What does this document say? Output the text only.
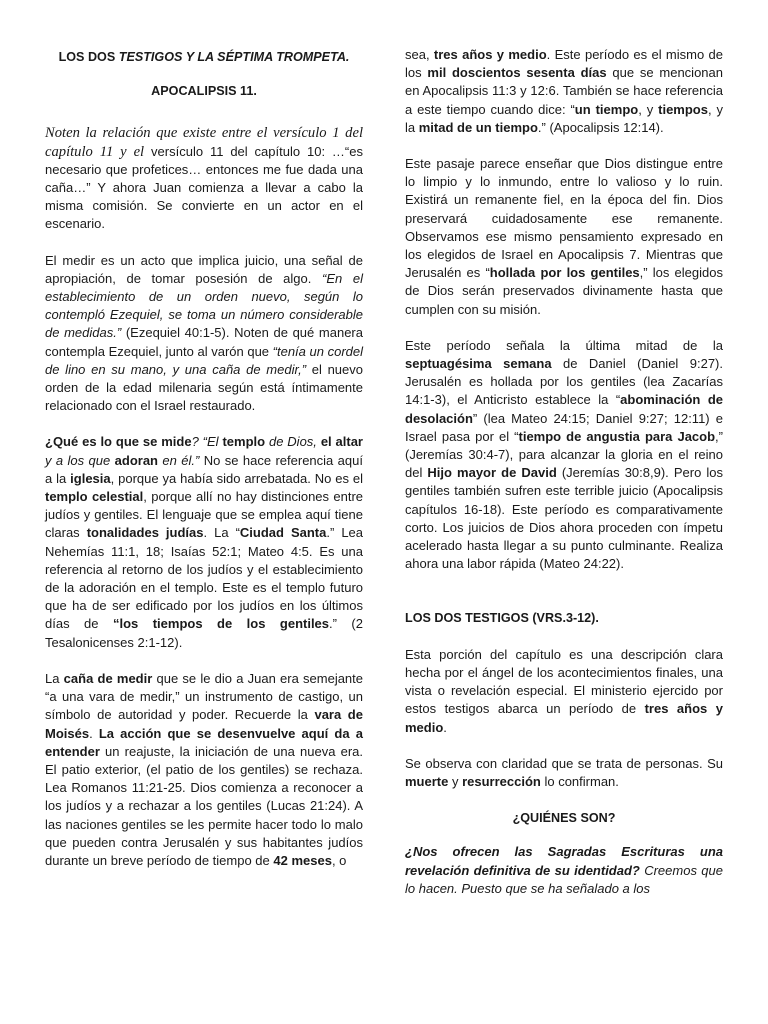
LOS DOS TESTIGOS Y LA SÉPTIMA TROMPETA.

APOCALIPSIS 11.

Noten la relación que existe entre el versículo 1 del capítulo 11 y el versículo 11 del capítulo 10: …“es necesario que profetices… entonces me fue dada una caña…” Y ahora Juan comienza a llevar a cabo la misma comisión. Se convierte en un actor en el escenario.

El medir es un acto que implica juicio, una señal de apropiación, de tomar posesión de algo. “En el establecimiento de un orden nuevo, según lo contempló Ezequiel, se toma un número considerable de medidas.” (Ezequiel 40:1-5). Noten de qué manera contempla Ezequiel, junto al varón que “tenía un cordel de lino en su mano, y una caña de medir,” el nuevo orden de la edad milenaria según está íntimamente relacionado con el Israel restaurado.

¿Qué es lo que se mide? “El templo de Dios, el altar y a los que adoran en él.” No se hace referencia aquí a la iglesia, porque ya había sido arrebatada. No es el templo celestial, porque allí no hay distinciones entre judíos y gentiles. El lenguaje que se emplea aquí tiene claras tonalidades judías. La “Ciudad Santa.” Lea Nehemías 11:1, 18; Isaías 52:1; Mateo 4:5. Es una referencia al retorno de los judíos y el establecimiento de la adoración en el templo. Este es el templo futuro que ha de ser edificado por los judíos en los últimos días de “los tiempos de los gentiles.” (2 Tesalonicenses 2:1-12).

La caña de medir que se le dio a Juan era semejante “a una vara de medir,” un instrumento de castigo, un símbolo de autoridad y poder. Recuerde la vara de Moisés. La acción que se desenvuelve aquí da a entender un reajuste, la iniciación de una nueva era. El patio exterior, (el patio de los gentiles) se rechaza. Lea Romanos 11:21-25. Dios comienza a reconocer a los judíos y a rechazar a los gentiles (Lucas 21:24). A las naciones gentiles se les permite hacer todo lo malo que pueden contra Jerusalén y sus habitantes judíos durante un breve período de tiempo de 42 meses, o

sea, tres años y medio. Este período es el mismo de los mil doscientos sesenta días que se mencionan en Apocalipsis 11:3 y 12:6. También se hace referencia a este tiempo cuando dice: “un tiempo, y tiempos, y la mitad de un tiempo.” (Apocalipsis 12:14).

Este pasaje parece enseñar que Dios distingue entre lo limpio y lo inmundo, entre lo valioso y lo ruin. Existirá un remanente fiel, en la época del fin. Dios preservará cuidadosamente ese remanente. Observamos ese mismo pensamiento expresado en los elegidos de Israel en Apocalipsis 7. Mientras que Jerusalén es “hollada por los gentiles,” los elegidos de Dios serán preservados divinamente hasta que cumplen con su misión.

Este período señala la última mitad de la septuagésima semana de Daniel (Daniel 9:27). Jerusalén es hollada por los gentiles (lea Zacarías 14:1-3), el Anticristo establece la “abominación de desolación” (lea Mateo 24:15; Daniel 9:27; 12:11) e Israel pasa por el “tiempo de angustia para Jacob,” (Jeremías 30:4-7), para alcanzar la gloria en el reino del Hijo mayor de David (Jeremías 30:8,9). Pero los gentiles también sufren este terrible juicio (Apocalipsis capítulos 16-18). Este período es comparativamente corto. Los juicios de Dios ahora proceden con ímpetu acelerado hasta llegar a su punto culminante. Realiza ahora una labor rápida (Mateo 24:22).

LOS DOS TESTIGOS (VRS.3-12).

Esta porción del capítulo es una descripción clara hecha por el ángel de los acontecimientos finales, una vista o revelación especial. El ministerio ejercido por estos testigos abarca un período de tres años y medio.

Se observa con claridad que se trata de personas. Su muerte y resurrección lo confirman.

¿QUIÉNES SON?

¿Nos ofrecen las Sagradas Escrituras una revelación definitiva de su identidad? Creemos que lo hacen. Puesto que se ha señalado a los
